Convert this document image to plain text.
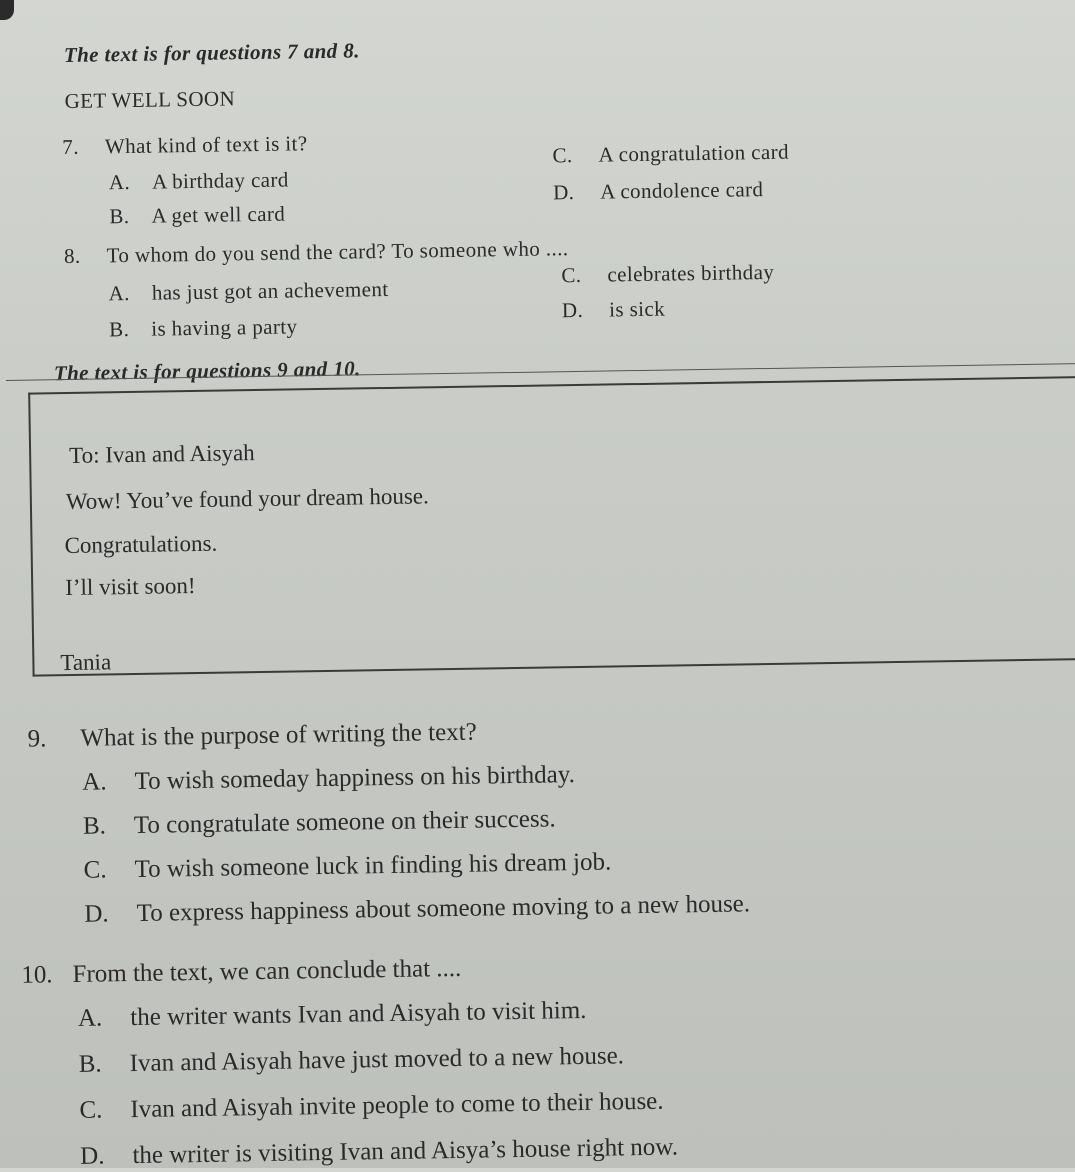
The text is for questions 7 and 8.
GET WELL SOON
7. What kind of text is it?
A. A birthday card
B. A get well card
C. A congratulation card
D. A condolence card
8. To whom do you send the card? To someone who ....
A. has just got an achevement
B. is having a party
C. celebrates birthday
D. is sick
The text is for questions 9 and 10.
To: Ivan and Aisyah
Wow! You’ve found your dream house.
Congratulations.
I’ll visit soon!
Tania
9. What is the purpose of writing the text?
A. To wish someday happiness on his birthday.
B. To congratulate someone on their success.
C. To wish someone luck in finding his dream job.
D. To express happiness about someone moving to a new house.
10. From the text, we can conclude that ....
A. the writer wants Ivan and Aisyah to visit him.
B. Ivan and Aisyah have just moved to a new house.
C. Ivan and Aisyah invite people to come to their house.
D. the writer is visiting Ivan and Aisya’s house right now.
